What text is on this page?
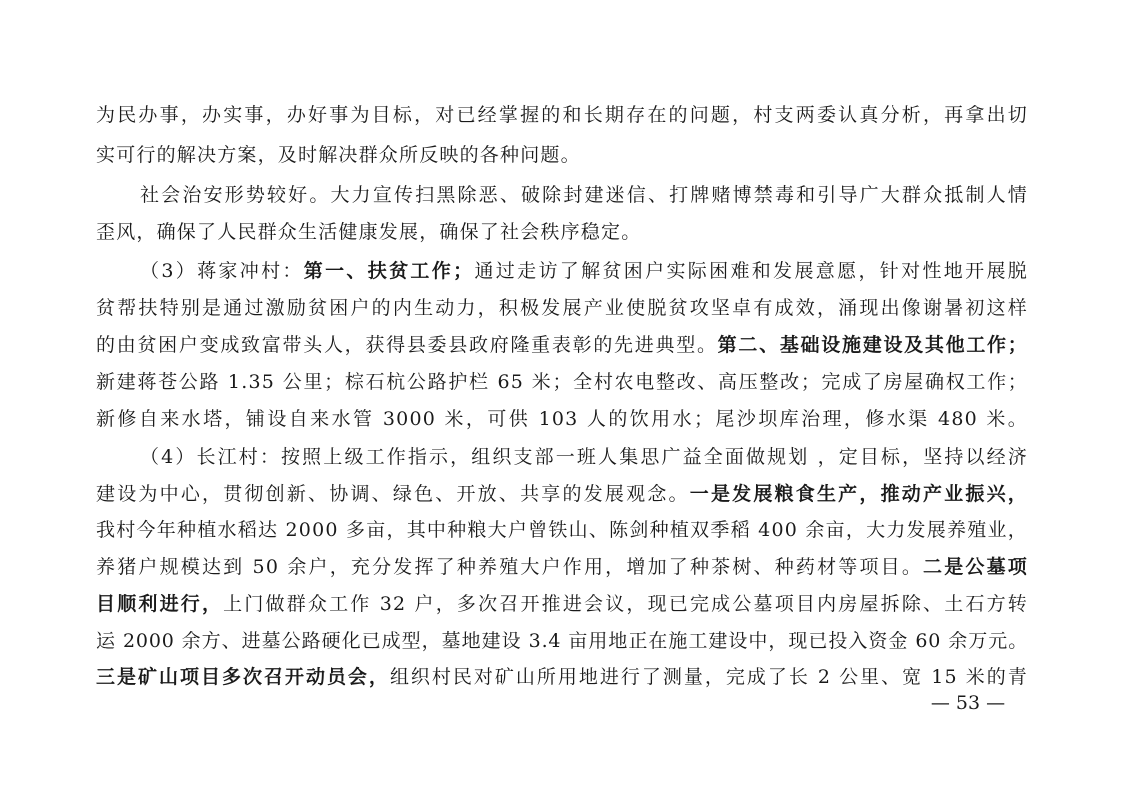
为民办事，办实事，办好事为目标，对已经掌握的和长期存在的问题，村支两委认真分析，再拿出切
实可行的解决方案，及时解决群众所反映的各种问题。
社会治安形势较好。大力宣传扫黑除恶、破除封建迷信、打牌赌博禁毒和引导广大群众抵制人情
歪风，确保了人民群众生活健康发展，确保了社会秩序稳定。
（3）蒋家冲村：第一、扶贫工作；通过走访了解贫困户实际困难和发展意愿，针对性地开展脱
贫帮扶特别是通过激励贫困户的内生动力，积极发展产业使脱贫攻坚卓有成效，涌现出像谢暑初这样
的由贫困户变成致富带头人，获得县委县政府隆重表彰的先进典型。第二、基础设施建设及其他工作；
新建蒋苍公路 1.35 公里；棕石杭公路护栏 65 米；全村农电整改、高压整改；完成了房屋确权工作；
新修自来水塔，铺设自来水管 3000 米，可供 103 人的饮用水；尾沙坝库治理，修水渠 480 米。
（4）长江村：按照上级工作指示，组织支部一班人集思广益全面做规划 ，定目标，坚持以经济
建设为中心，贯彻创新、协调、绿色、开放、共享的发展观念。一是发展粮食生产，推动产业振兴，
我村今年种植水稻达 2000 多亩，其中种粮大户曾铁山、陈剑种植双季稻 400 余亩，大力发展养殖业，
养猪户规模达到 50 余户，充分发挥了种养殖大户作用，增加了种茶树、种药材等项目。二是公墓项
目顺利进行，上门做群众工作 32 户，多次召开推进会议，现已完成公墓项目内房屋拆除、土石方转
运 2000 余方、进墓公路硬化已成型，墓地建设 3.4 亩用地正在施工建设中，现已投入资金 60 余万元。
三是矿山项目多次召开动员会，组织村民对矿山所用地进行了测量，完成了长 2 公里、宽 15 米的青
— 53 —
